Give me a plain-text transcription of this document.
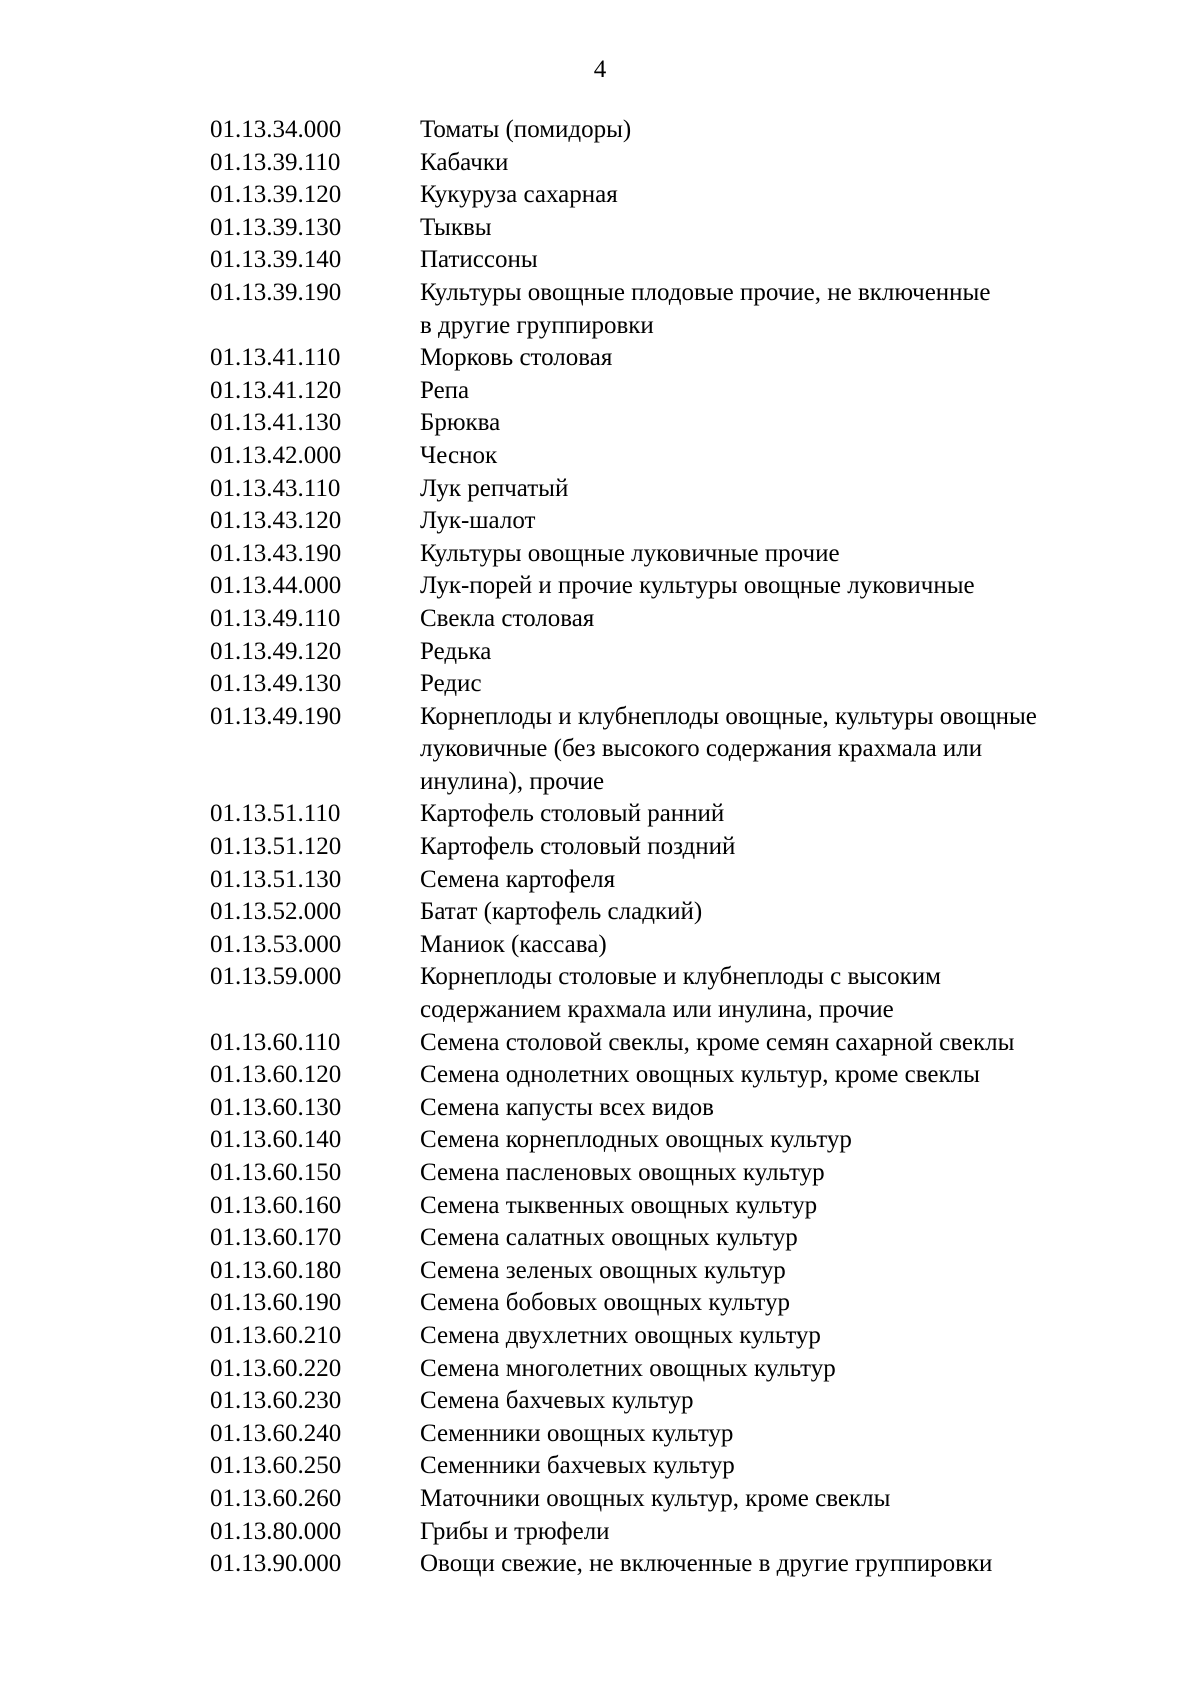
4
01.13.34.000	Томаты (помидоры)
01.13.39.110	Кабачки
01.13.39.120	Кукуруза сахарная
01.13.39.130	Тыквы
01.13.39.140	Патиссоны
01.13.39.190	Культуры овощные плодовые прочие, не включенные
в другие группировки
01.13.41.110	Морковь столовая
01.13.41.120	Репа
01.13.41.130	Брюква
01.13.42.000	Чеснок
01.13.43.110	Лук репчатый
01.13.43.120	Лук-шалот
01.13.43.190	Культуры овощные луковичные прочие
01.13.44.000	Лук-порей и прочие культуры овощные луковичные
01.13.49.110	Свекла столовая
01.13.49.120	Редька
01.13.49.130	Редис
01.13.49.190	Корнеплоды и клубнеплоды овощные, культуры овощные
луковичные (без высокого содержания крахмала или
инулина), прочие
01.13.51.110	Картофель столовый ранний
01.13.51.120	Картофель столовый поздний
01.13.51.130	Семена картофеля
01.13.52.000	Батат (картофель сладкий)
01.13.53.000	Маниок (кассава)
01.13.59.000	Корнеплоды столовые и клубнеплоды с высоким
содержанием крахмала или инулина, прочие
01.13.60.110	Семена столовой свеклы, кроме семян сахарной свеклы
01.13.60.120	Семена однолетних овощных культур, кроме свеклы
01.13.60.130	Семена капусты всех видов
01.13.60.140	Семена корнеплодных овощных культур
01.13.60.150	Семена пасленовых овощных культур
01.13.60.160	Семена тыквенных овощных культур
01.13.60.170	Семена салатных овощных культур
01.13.60.180	Семена зеленых овощных культур
01.13.60.190	Семена бобовых овощных культур
01.13.60.210	Семена двухлетних овощных культур
01.13.60.220	Семена многолетних овощных культур
01.13.60.230	Семена бахчевых культур
01.13.60.240	Семенники овощных культур
01.13.60.250	Семенники бахчевых культур
01.13.60.260	Маточники овощных культур, кроме свеклы
01.13.80.000	Грибы и трюфели
01.13.90.000	Овощи свежие, не включенные в другие группировки
